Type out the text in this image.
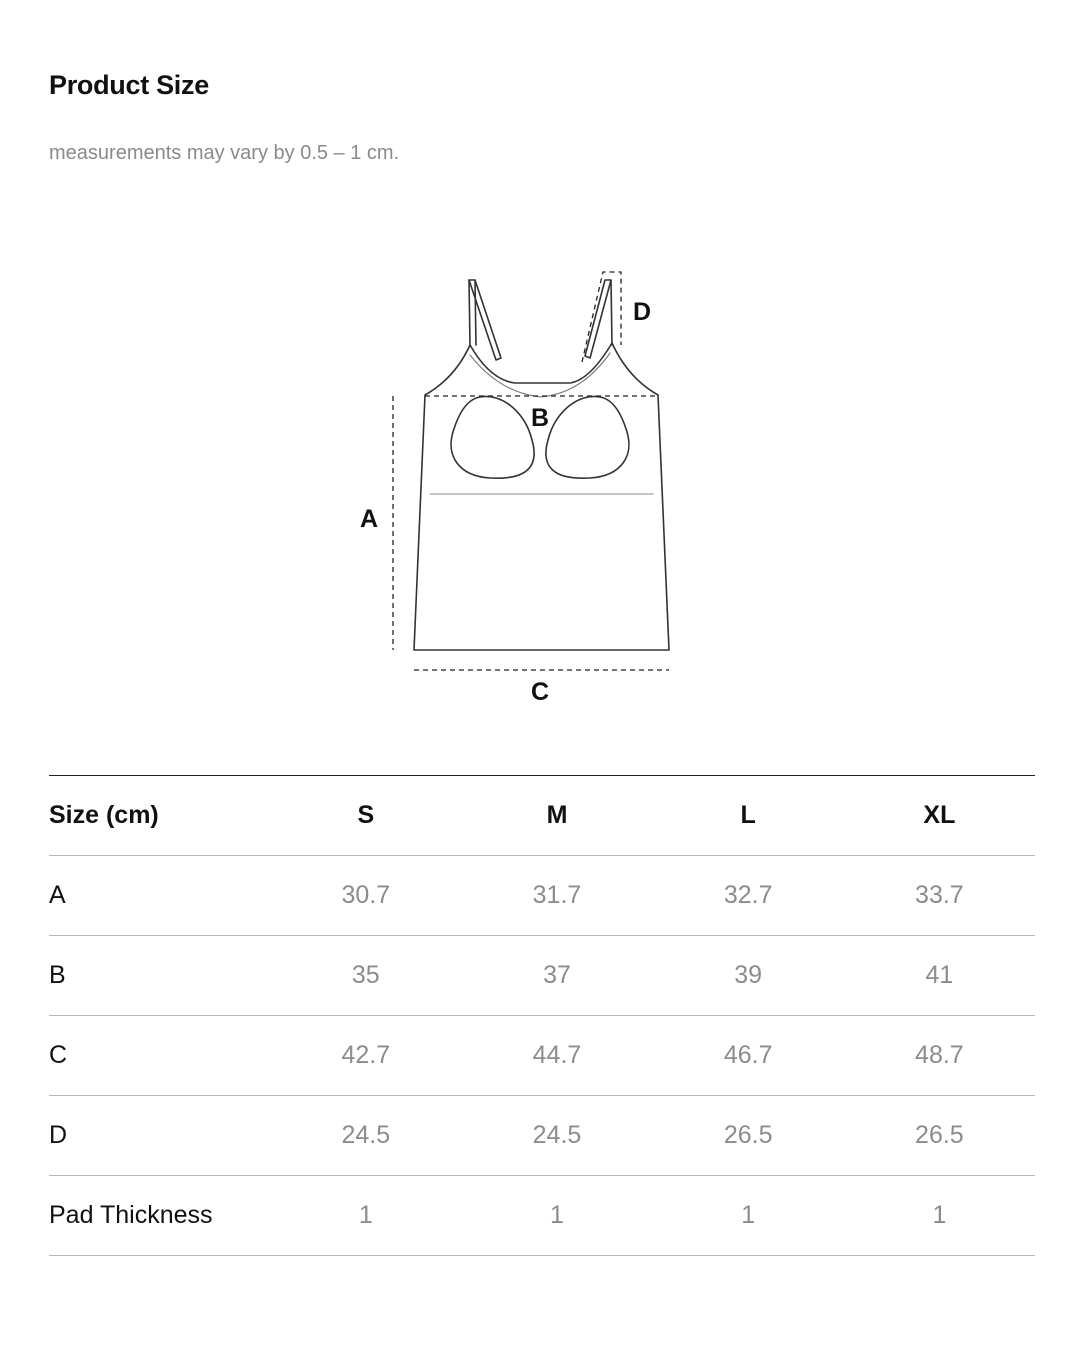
Product Size

measurements may vary by 0.5 – 1 cm.

A
B
C
D
Size (cm)	S	M	L	XL
A	30.7	31.7	32.7	33.7
B	35	37	39	41
C	42.7	44.7	46.7	48.7
D	24.5	24.5	26.5	26.5
Pad Thickness	1	1	1	1
